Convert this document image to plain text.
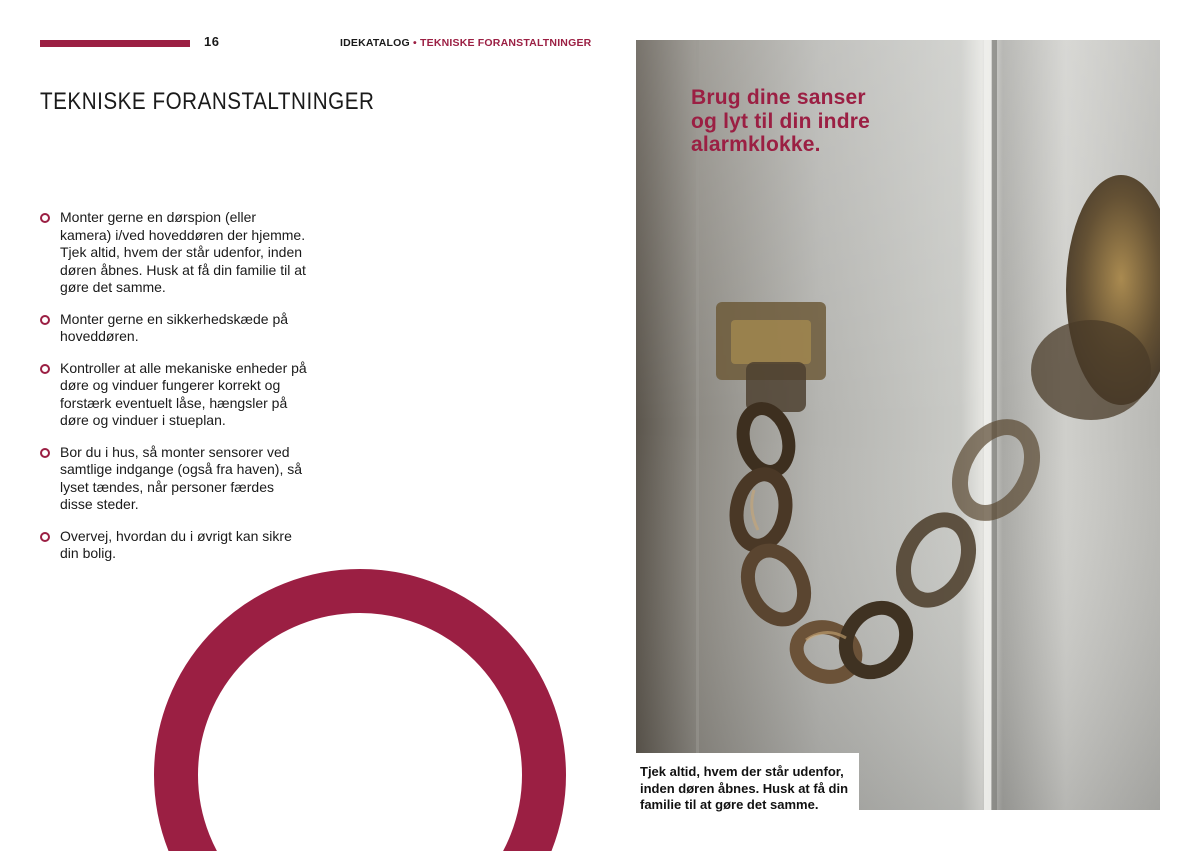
16	IDEKATALOG • TEKNISKE FORANSTALTNINGER
TEKNISKE FORANSTALTNINGER
Monter gerne en dørspion (eller kamera) i/ved hoveddøren der hjemme. Tjek altid, hvem der står udenfor, inden døren åbnes. Husk at få din familie til at gøre det samme.
Monter gerne en sikkerhedskæde på hoveddøren.
Kontroller at alle mekaniske enheder på døre og vinduer fungerer korrekt og forstærk eventuelt låse, hængsler på døre og vinduer i stueplan.
Bor du i hus, så monter sensorer ved samtlige indgange (også fra haven), så lyset tændes, når personer færdes disse steder.
Overvej, hvordan du i øvrigt kan sikre din bolig.

Brug dine sanser
og lyt til din indre
alarmklokke.

Tjek altid, hvem der står udenfor, inden døren åbnes. Husk at få din familie til at gøre det samme.
